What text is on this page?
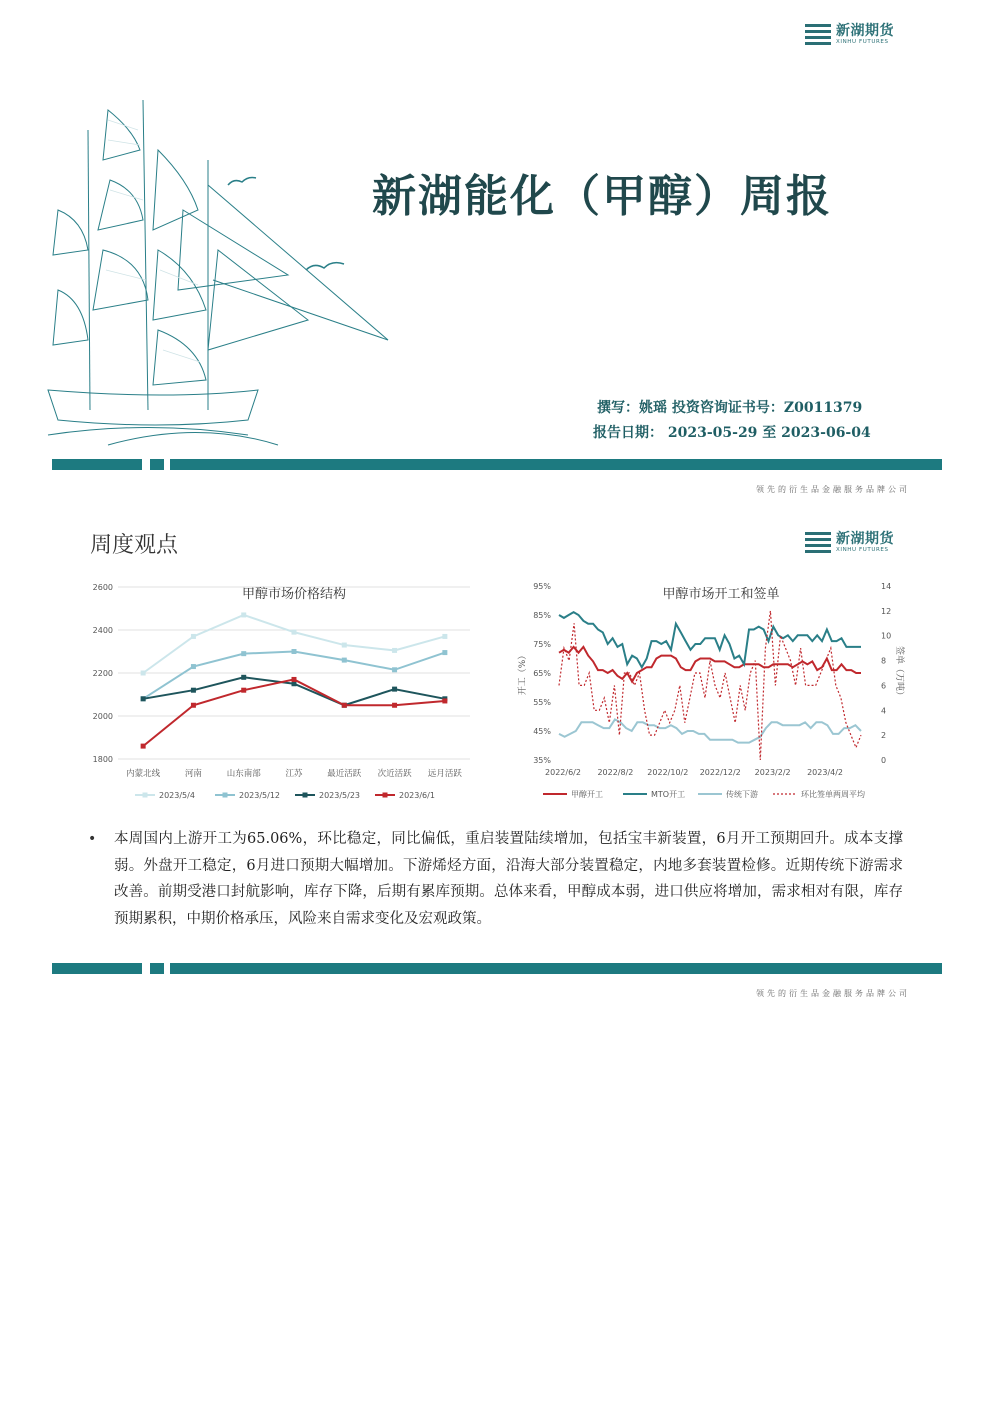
新湖期货
XINHU FUTURES
新湖能化（甲醇）周报
撰写：姚瑶 投资咨询证书号：Z0011379
报告日期： 2023-05-29 至 2023-06-04
领先的衍生品金融服务品牌公司
周度观点	新湖期货
XINHU FUTURES
1800
2000
2200
2400
2600	甲醇市场价格结构
内蒙北线	河南	山东南部	江苏	最近活跃 次近活跃 远月活跃
2023/5/4	2023/5/12	2023/5/23	2023/6/1
35%
45%
55%
65%
75%
85%
95%
0
2
4
6
8
10
12
14
开工（%）	签单（万吨）
甲醇市场开工和签单
2022/6/2 2022/8/2 2022/10/2 2022/12/2 2023/2/2 2023/4/2
甲醇开工	MTO开工	传统下游	环比签单两周平均
• 本周国内上游开工为65.06%，环比稳定，同比偏低，重启装置陆续增加，包括宝丰新装置，6月开工预期回升。成本支撑弱。外盘开工稳定，6月进口预期大幅增加。下游烯烃方面，沿海大部分装置稳定，内地多套装置检修。近期传统下游需求改善。前期受港口封航影响，库存下降，后期有累库预期。总体来看，甲醇成本弱，进口供应将增加，需求相对有限，库存预期累积，中期价格承压，风险来自需求变化及宏观政策。
领先的衍生品金融服务品牌公司
